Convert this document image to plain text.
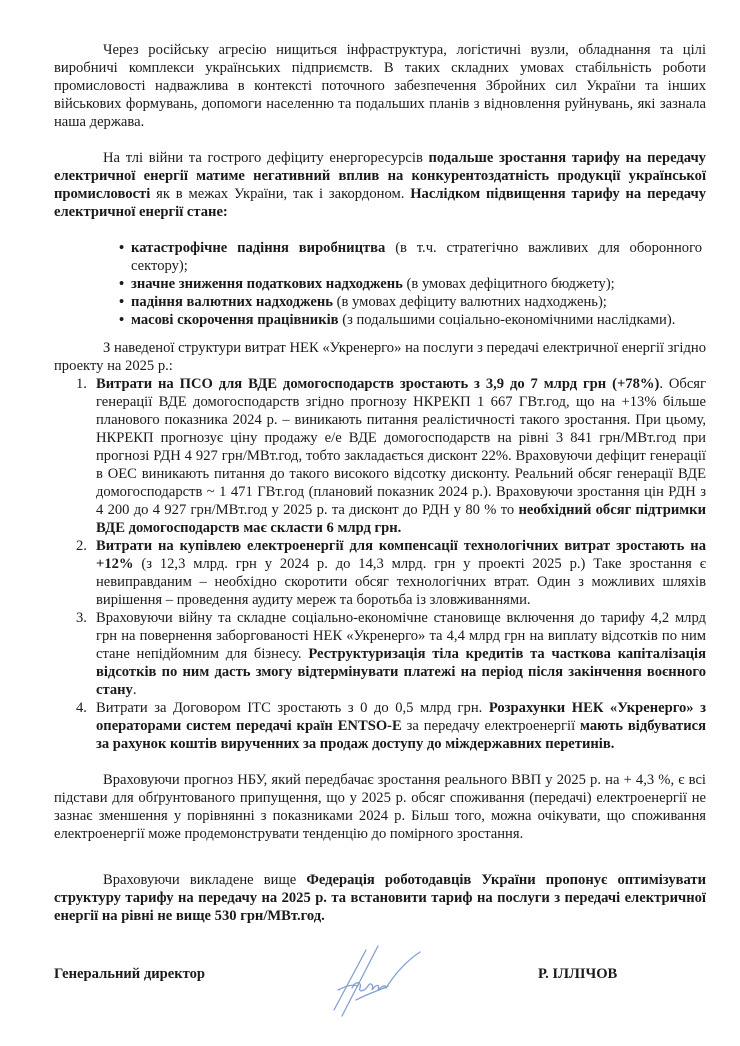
Через російську агресію нищиться інфраструктура, логістичні вузли, обладнання та цілі виробничі комплекси українських підприємств. В таких складних умовах стабільність роботи промисловості надважлива в контексті поточного забезпечення Збройних сил України та інших військових формувань, допомоги населенню та подальших планів з відновлення руйнувань, які зазнала наша держава.

На тлі війни та гострого дефіциту енергоресурсів подальше зростання тарифу на передачу електричної енергії матиме негативний вплив на конкурентоздатність продукції української промисловості як в межах України, так і закордоном. Наслідком підвищення тарифу на передачу електричної енергії стане:

• катастрофічне падіння виробництва (в т.ч. стратегічно важливих для оборонного сектору);
• значне зниження податкових надходжень (в умовах дефіцитного бюджету);
• падіння валютних надходжень (в умовах дефіциту валютних надходжень);
• масові скорочення працівників (з подальшими соціально-економічними наслідками).

З наведеної структури витрат НЕК «Укренерго» на послуги з передачі електричної енергії згідно проекту на 2025 р.:

1. Витрати на ПСО для ВДЕ домогосподарств зростають з 3,9 до 7 млрд грн (+78%). Обсяг генерації ВДЕ домогосподарств згідно прогнозу НКРЕКП 1 667 ГВт.год, що на +13% більше планового показника 2024 р. – виникають питання реалістичності такого зростання. При цьому, НКРЕКП прогнозує ціну продажу е/е ВДЕ домогосподарств на рівні 3 841 грн/МВт.год при прогнозі РДН 4 927 грн/МВт.год, тобто закладається дисконт 22%. Враховуючи дефіцит генерації в ОЕС виникають питання до такого високого відсотку дисконту. Реальний обсяг генерації ВДЕ домогосподарств ~ 1 471 ГВт.год (плановий показник 2024 р.). Враховуючи зростання цін РДН з 4 200 до 4 927 грн/МВт.год у 2025 р. та дисконт до РДН у 80 % то необхідний обсяг підтримки ВДЕ домогосподарств має скласти 6 млрд грн.
2. Витрати на купівлею електроенергії для компенсації технологічних витрат зростають на +12% (з 12,3 млрд. грн у 2024 р. до 14,3 млрд. грн у проекті 2025 р.) Таке зростання є невиправданим – необхідно скоротити обсяг технологічних втрат. Один з можливих шляхів вирішення – проведення аудиту мереж та боротьба із зловживаннями.
3. Враховуючи війну та складне соціально-економічне становище включення до тарифу 4,2 млрд грн на повернення заборгованості НЕК «Укренерго» та 4,4 млрд грн на виплату відсотків по ним стане непідйомним для бізнесу. Реструктуризація тіла кредитів та часткова капіталізація відсотків по ним дасть змогу відтермінувати платежі на період після закінчення воєнного стану.
4. Витрати за Договором ІТС зростають з 0 до 0,5 млрд грн. Розрахунки НЕК «Укренерго» з операторами систем передачі країн ENTSO-E за передачу електроенергії мають відбуватися за рахунок коштів вирученних за продаж доступу до міждержавних перетинів.

Враховуючи прогноз НБУ, який передбачає зростання реального ВВП у 2025 р. на + 4,3 %, є всі підстави для обґрунтованого припущення, що у 2025 р. обсяг споживання (передачі) електроенергії не зазнає зменшення у порівнянні з показниками 2024 р. Більш того, можна очікувати, що споживання електроенергії може продемонструвати тенденцію до помірного зростання.

Враховуючи викладене вище Федерація роботодавців України пропонує оптимізувати структуру тарифу на передачу на 2025 р. та встановити тариф на послуги з передачі електричної енергії на рівні не вище 530 грн/МВт.год.

Генеральний директор	Р. ІЛЛІЧОВ
